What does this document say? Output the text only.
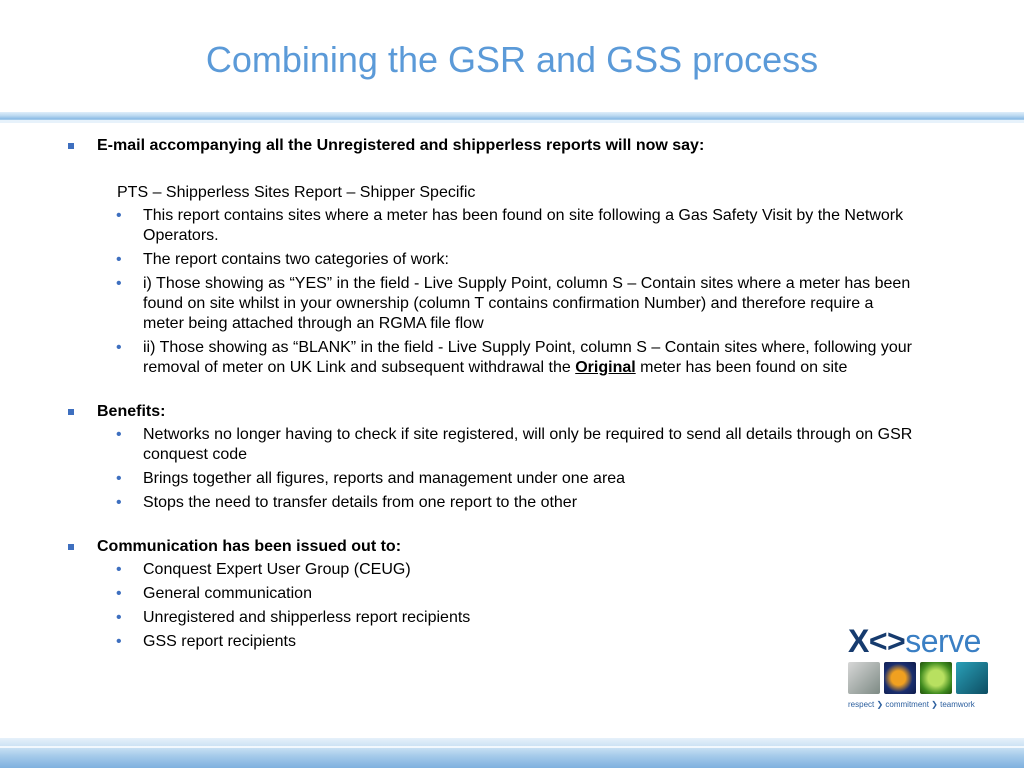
Combining the GSR and GSS process
E-mail accompanying all the Unregistered and shipperless reports will now say:
PTS – Shipperless Sites Report – Shipper Specific
• This report contains sites where a meter has been found on site following a Gas Safety Visit by the Network Operators.
• The report contains two categories of work:
• i) Those showing as “YES” in the field - Live Supply Point, column S – Contain sites where a meter has been found on site whilst in your ownership (column T contains confirmation Number) and therefore require a meter being attached through an RGMA file flow
• ii) Those showing as “BLANK” in the field - Live Supply Point, column S – Contain sites where, following your removal of meter on UK Link and subsequent withdrawal the Original meter has been found on site
Benefits:
• Networks no longer having to check if site registered, will only be required to send all details through on GSR conquest code
• Brings together all figures, reports and management under one area
• Stops the need to transfer details from one report to the other
Communication has been issued out to:
• Conquest Expert User Group (CEUG)
• General communication
• Unregistered and shipperless report recipients
• GSS report recipients	X<>serve
respect ❯ commitment ❯ teamwork
